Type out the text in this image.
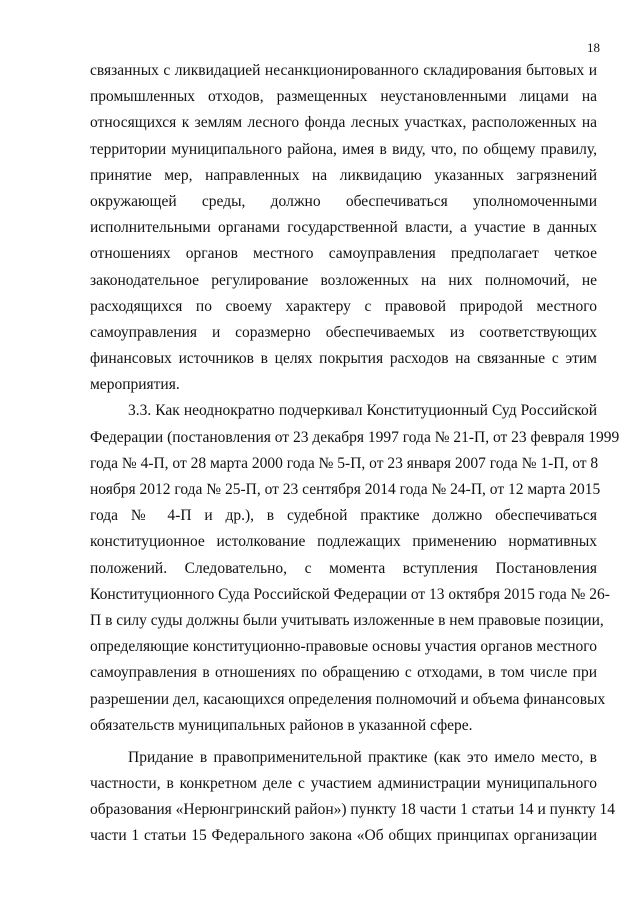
18
связанных с ликвидацией несанкционированного складирования бытовых и
промышленных отходов, размещенных неустановленными лицами на
относящихся к землям лесного фонда лесных участках, расположенных на
территории муниципального района, имея в виду, что, по общему правилу,
принятие мер, направленных на ликвидацию указанных загрязнений
окружающей среды, должно обеспечиваться уполномоченными
исполнительными органами государственной власти, а участие в данных
отношениях органов местного самоуправления предполагает четкое
законодательное регулирование возложенных на них полномочий, не
расходящихся по своему характеру с правовой природой местного
самоуправления и соразмерно обеспечиваемых из соответствующих
финансовых источников в целях покрытия расходов на связанные с этим
мероприятия.
3.3. Как неоднократно подчеркивал Конституционный Суд Российской
Федерации (постановления от 23 декабря 1997 года № 21-П, от 23 февраля 1999
года № 4-П, от 28 марта 2000 года № 5-П, от 23 января 2007 года № 1-П, от 8
ноября 2012 года № 25-П, от 23 сентября 2014 года № 24-П, от 12 марта 2015
года № 4-П и др.), в судебной практике должно обеспечиваться
конституционное истолкование подлежащих применению нормативных
положений. Следовательно, с момента вступления Постановления
Конституционного Суда Российской Федерации от 13 октября 2015 года № 26-
П в силу суды должны были учитывать изложенные в нем правовые позиции,
определяющие конституционно-правовые основы участия органов местного
самоуправления в отношениях по обращению с отходами, в том числе при
разрешении дел, касающихся определения полномочий и объема финансовых
обязательств муниципальных районов в указанной сфере.
Придание в правоприменительной практике (как это имело место, в
частности, в конкретном деле с участием администрации муниципального
образования «Нерюнгринский район») пункту 18 части 1 статьи 14 и пункту 14
части 1 статьи 15 Федерального закона «Об общих принципах организации
